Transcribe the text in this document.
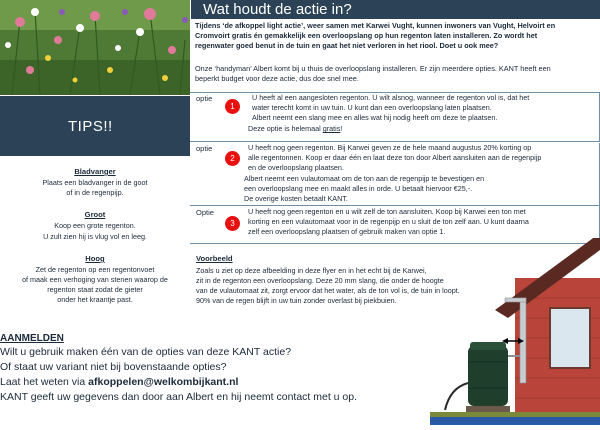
TIPS!!
Wat houdt de actie in?
Tijdens ‘de afkoppel light actie’, weer samen met Karwei Vught, kunnen inwoners van Vught, Helvoirt en
Cromvoirt gratis én gemakkelijk een overloopslang op hun regenton laten installeren. Zo wordt het
regenwater goed benut in de tuin en gaat het niet verloren in het riool. Doet u ook mee?
Onze ‘handyman’ Albert komt bij u thuis de overloopslang installeren. Er zijn meerdere opties. KANT heeft een
beperkt budget voor deze actie, dus doe snel mee.
optie
1
U heeft al een aangesloten regenton. U wilt alsnog, wanneer de regenton vol is, dat het
water terecht komt in uw tuin. U kunt dan een overloopslang laten plaatsen.
Albert neemt een slang mee en alles wat hij nodig heeft om deze te plaatsen.
Deze optie is helemaal gratis!
optie
2
U heeft nog geen regenton. Bij Karwei geven ze de hele maand augustus 20% korting op
alle regentonnen. Koop er daar één en laat deze ton door Albert aansluiten aan de regenpijp
en de overloopslang plaatsen.
Albert neemt een vulautomaat om de ton aan de regenpijp te bevestigen en
een overloopslang mee en maakt alles in orde. U betaalt hiervoor €25,-.
De overige kosten betaalt KANT.
Optie
3
U heeft nog geen regenton en u wilt zelf de ton aansluiten. Koop bij Karwei een ton met
korting en een vulautomaat voor in de regenpijp en u sluit de ton zelf aan. U kunt daarna
zelf een overloopslang plaatsen of gebruik maken van optie 1.
Bladvanger
Plaats een bladvanger in de goot
of in de regenpijp.
Groot
Koop een grote regenton.
U zult zien hij is vlug vol en leeg.
Hoog
Zet de regenton op een regentonvoet
of maak een verhoging van stenen waarop de
regenton staat zodat de gieter
onder het kraantje past.
Voorbeeld
Zoals u ziet op deze afbeelding in deze flyer en in het echt bij de Karwei,
zit in de regenton een overloopslang. Deze 20 mm slang, die onder de hoogte
van de vulautomaat zit, zorgt ervoor dat het water, als de ton vol is, de tuin in loopt.
90% van de regen blijft in uw tuin zonder overlast bij piekbuien.
AANMELDEN
Wilt u gebruik maken één van de opties van deze KANT actie?
Of staat uw variant niet bij bovenstaande opties?
Laat het weten via afkoppelen@welkombijkant.nl
KANT geeft uw gegevens dan door aan Albert en hij neemt contact met u op.
